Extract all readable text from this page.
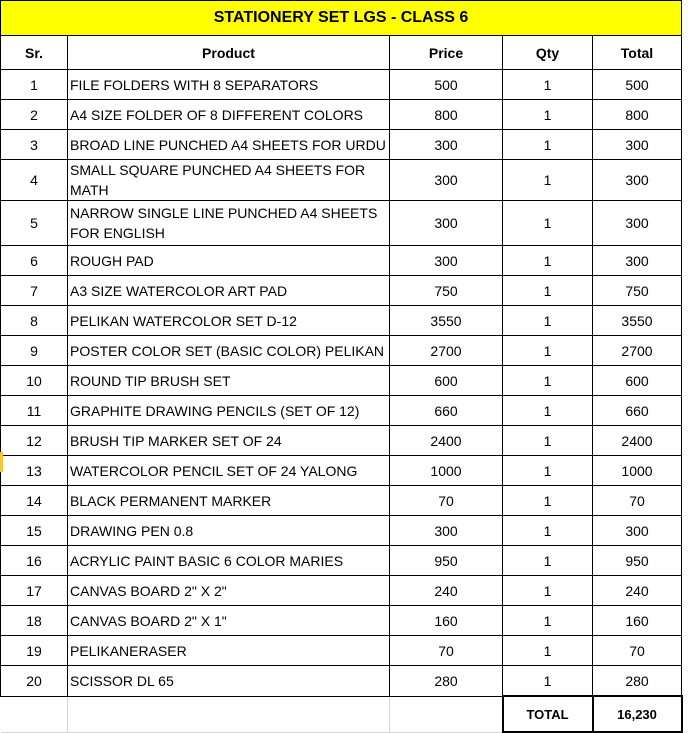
STATIONERY SET LGS - CLASS 6				
Sr.	Product	Price	Qty	Total
1	FILE FOLDERS WITH 8 SEPARATORS	500	1	500
2	A4 SIZE FOLDER OF 8 DIFFERENT COLORS	800	1	800
3	BROAD LINE PUNCHED A4 SHEETS FOR URDU	300	1	300
4	SMALL SQUARE PUNCHED A4 SHEETS FOR MATH	300	1	300
5	NARROW SINGLE LINE PUNCHED A4 SHEETS FOR ENGLISH	300	1	300
6	ROUGH PAD	300	1	300
7	A3 SIZE WATERCOLOR ART PAD	750	1	750
8	PELIKAN WATERCOLOR SET D-12	3550	1	3550
9	POSTER COLOR SET (BASIC COLOR) PELIKAN	2700	1	2700
10	ROUND TIP BRUSH SET	600	1	600
11	GRAPHITE DRAWING PENCILS (SET OF 12)	660	1	660
12	BRUSH TIP MARKER SET OF 24	2400	1	2400
13	WATERCOLOR PENCIL SET OF 24 YALONG	1000	1	1000
14	BLACK PERMANENT MARKER	70	1	70
15	DRAWING PEN 0.8	300	1	300
16	ACRYLIC PAINT BASIC 6 COLOR MARIES	950	1	950
17	CANVAS BOARD 2" X 2"	240	1	240
18	CANVAS BOARD 2" X 1"	160	1	160
19	PELIKANERASER	70	1	70
20	SCISSOR DL 65	280	1	280
			TOTAL	16,230
